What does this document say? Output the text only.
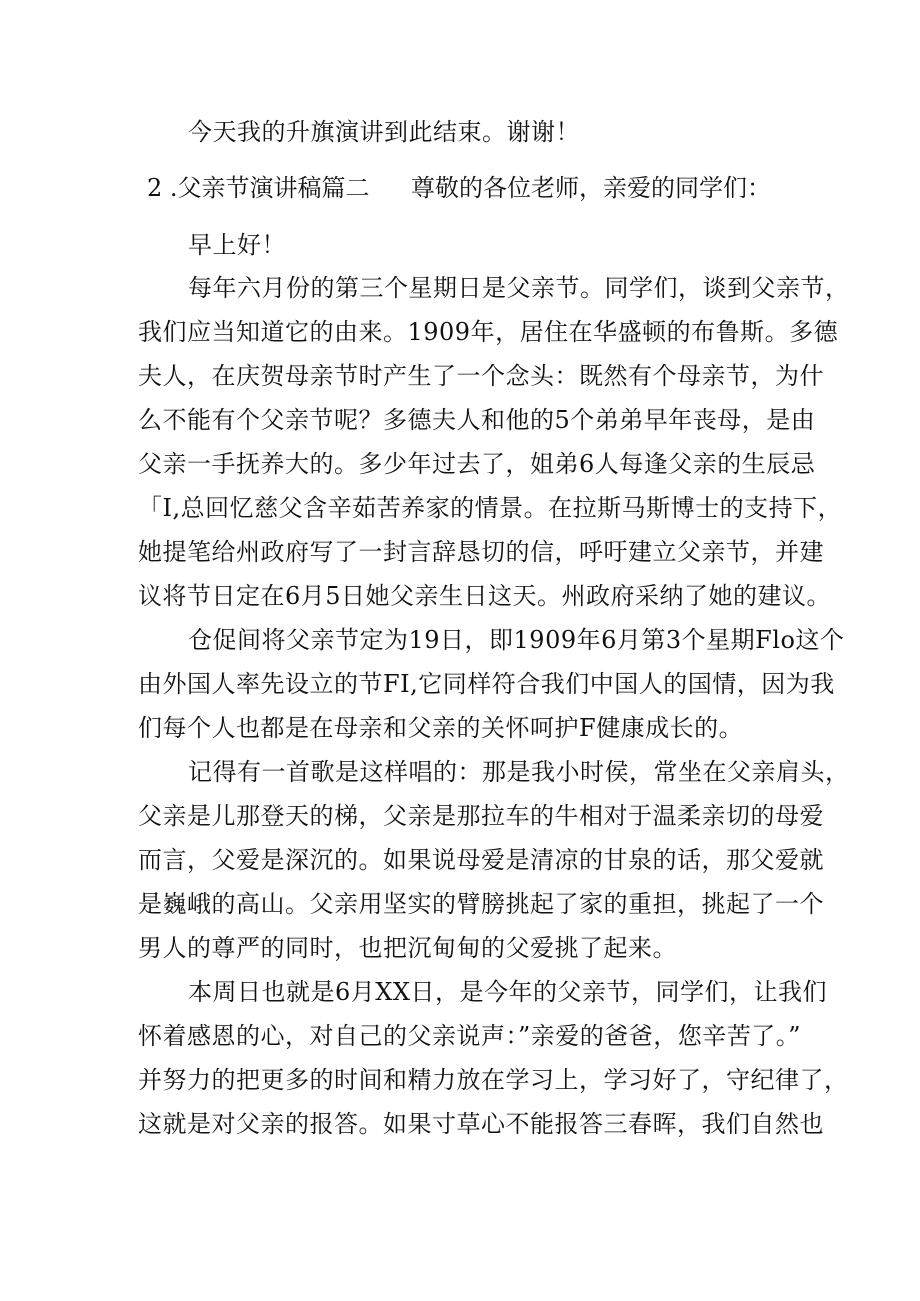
今天我的升旗演讲到此结束。谢谢！
2 .父亲节演讲稿篇二 尊敬的各位老师，亲爱的同学们：
早上好！
每年六月份的第三个星期日是父亲节。同学们，谈到父亲节，
我们应当知道它的由来。1909年，居住在华盛顿的布鲁斯。多德
夫人，在庆贺母亲节时产生了一个念头：既然有个母亲节，为什
么不能有个父亲节呢？多德夫人和他的5个弟弟早年丧母，是由
父亲一手抚养大的。多少年过去了，姐弟6人每逢父亲的生辰忌
「I,总回忆慈父含辛茹苦养家的情景。在拉斯马斯博士的支持下，
她提笔给州政府写了一封言辞恳切的信，呼吁建立父亲节，并建
议将节日定在6月5日她父亲生日这天。州政府采纳了她的建议。
仓促间将父亲节定为19日，即1909年6月第3个星期Flo这个
由外国人率先设立的节FI,它同样符合我们中国人的国情，因为我
们每个人也都是在母亲和父亲的关怀呵护F健康成长的。
记得有一首歌是这样唱的：那是我小时侯，常坐在父亲肩头，
父亲是儿那登天的梯，父亲是那拉车的牛相对于温柔亲切的母爱
而言，父爱是深沉的。如果说母爱是清凉的甘泉的话，那父爱就
是巍峨的高山。父亲用坚实的臂膀挑起了家的重担，挑起了一个
男人的尊严的同时，也把沉甸甸的父爱挑了起来。
本周日也就是6月XX日，是今年的父亲节，同学们，让我们
怀着感恩的心，对自己的父亲说声：”亲爱的爸爸，您辛苦了。”
并努力的把更多的时间和精力放在学习上，学习好了，守纪律了，
这就是对父亲的报答。如果寸草心不能报答三春晖，我们自然也
